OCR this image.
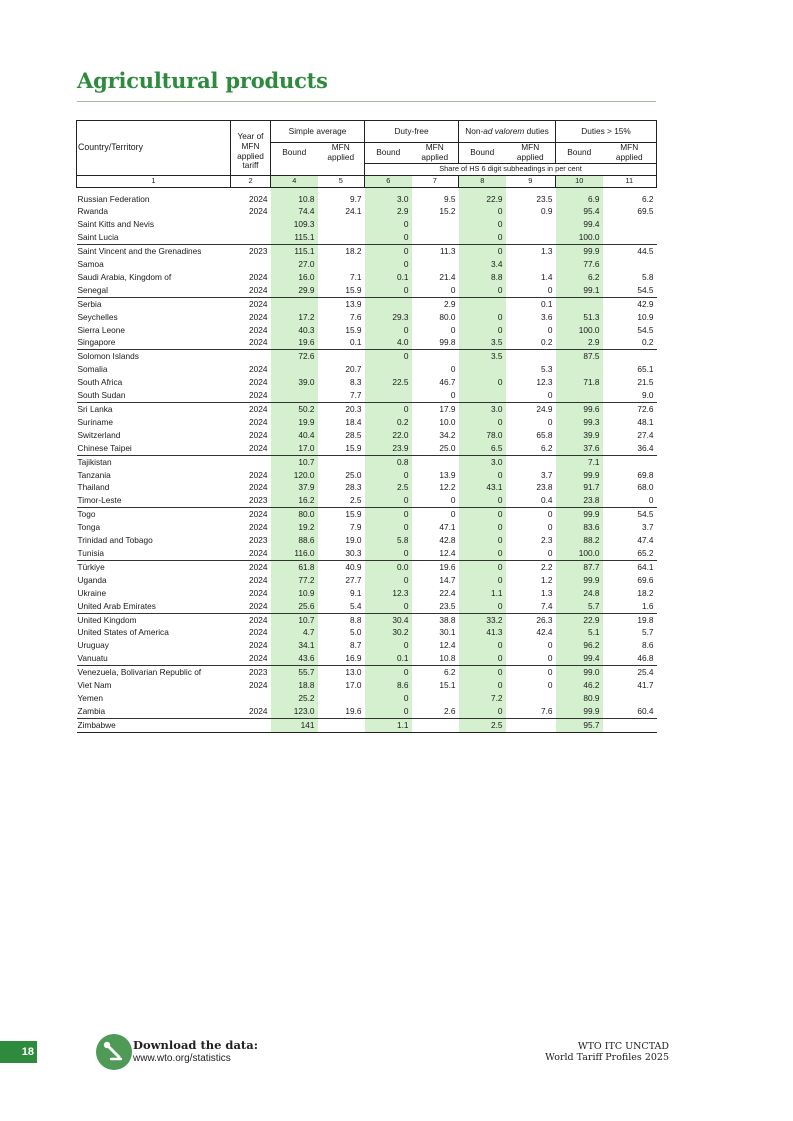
Agricultural products
Country/Territory	Year of	Simple average		Duty-free		Non-ad valorem duties		Duties > 15%	
	MFN applied tariff	Bound	MFN applied	Bound	MFN applied	Bound	MFN applied	Bound	MFN applied
				Share of HS 6 digit subheadings in per cent					
1	2	4	5	6	7	8	9	10	11

Russian Federation	2024	10.8	9.7	3.0	9.5	22.9	23.5	6.9	6.2
Rwanda	2024	74.4	24.1	2.9	15.2	0	0.9	95.4	69.5
Saint Kitts and Nevis		109.3		0		0		99.4	
Saint Lucia		115.1		0		0		100.0	
Saint Vincent and the Grenadines	2023	115.1	18.2	0	11.3	0	1.3	99.9	44.5
Samoa		27.0		0		3.4		77.6	
Saudi Arabia, Kingdom of	2024	16.0	7.1	0.1	21.4	8.8	1.4	6.2	5.8
Senegal	2024	29.9	15.9	0	0	0	0	99.1	54.5
Serbia	2024		13.9		2.9		0.1		42.9
Seychelles	2024	17.2	7.6	29.3	80.0	0	3.6	51.3	10.9
Sierra Leone	2024	40.3	15.9	0	0	0	0	100.0	54.5
Singapore	2024	19.6	0.1	4.0	99.8	3.5	0.2	2.9	0.2
Solomon Islands		72.6		0		3.5		87.5	
Somalia	2024		20.7		0		5.3		65.1
South Africa	2024	39.0	8.3	22.5	46.7	0	12.3	71.8	21.5
South Sudan	2024		7.7		0		0		9.0
Sri Lanka	2024	50.2	20.3	0	17.9	3.0	24.9	99.6	72.6
Suriname	2024	19.9	18.4	0.2	10.0	0	0	99.3	48.1
Switzerland	2024	40.4	28.5	22.0	34.2	78.0	65.8	39.9	27.4
Chinese Taipei	2024	17.0	15.9	23.9	25.0	6.5	6.2	37.6	36.4
Tajikistan		10.7		0.8		3.0		7.1	
Tanzania	2024	120.0	25.0	0	13.9	0	3.7	99.9	69.8
Thailand	2024	37.9	28.3	2.5	12.2	43.1	23.8	91.7	68.0
Timor-Leste	2023	16.2	2.5	0	0	0	0.4	23.8	0
Togo	2024	80.0	15.9	0	0	0	0	99.9	54.5
Tonga	2024	19.2	7.9	0	47.1	0	0	83.6	3.7
Trinidad and Tobago	2023	88.6	19.0	5.8	42.8	0	2.3	88.2	47.4
Tunisia	2024	116.0	30.3	0	12.4	0	0	100.0	65.2
Türkiye	2024	61.8	40.9	0.0	19.6	0	2.2	87.7	64.1
Uganda	2024	77.2	27.7	0	14.7	0	1.2	99.9	69.6
Ukraine	2024	10.9	9.1	12.3	22.4	1.1	1.3	24.8	18.2
United Arab Emirates	2024	25.6	5.4	0	23.5	0	7.4	5.7	1.6
United Kingdom	2024	10.7	8.8	30.4	38.8	33.2	26.3	22.9	19.8
United States of America	2024	4.7	5.0	30.2	30.1	41.3	42.4	5.1	5.7
Uruguay	2024	34.1	8.7	0	12.4	0	0	96.2	8.6
Vanuatu	2024	43.6	16.9	0.1	10.8	0	0	99.4	46.8
Venezuela, Bolivarian Republic of	2023	55.7	13.0	0	6.2	0	0	99.0	25.4
Viet Nam	2024	18.8	17.0	8.6	15.1	0	0	46.2	41.7
Yemen		25.2		0		7.2		80.9	
Zambia	2024	123.0	19.6	0	2.6	0	7.6	99.9	60.4
Zimbabwe		141		1.1		2.5		95.7	
18	Download the data:
www.wto.org/statistics
WTO ITC UNCTAD
World Tariff Profiles 2025
